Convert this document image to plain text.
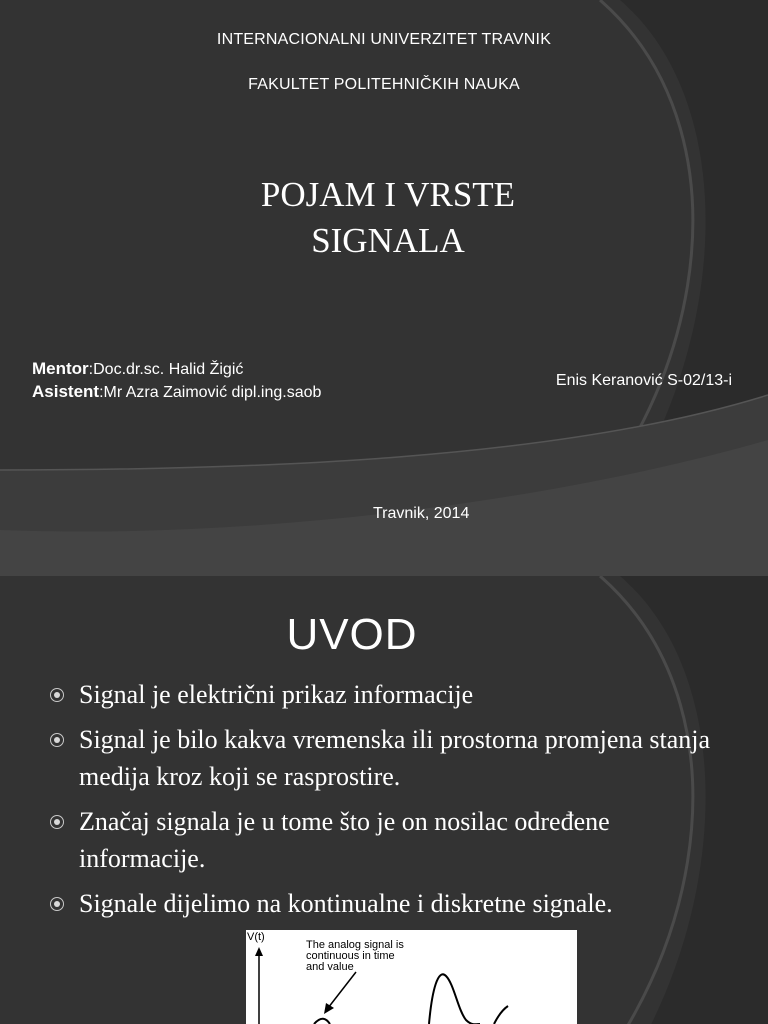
INTERNACIONALNI UNIVERZITET TRAVNIK
FAKULTET POLITEHNIČKIH NAUKA
POJAM I VRSTE
SIGNALA
Mentor:Doc.dr.sc. Halid Žigić
Asistent:Mr Azra Zaimović dipl.ing.saob
Enis Keranović S-02/13-i
Travnik, 2014
UVOD
Signal je električni prikaz informacije
Signal je bilo kakva vremenska ili prostorna promjena stanja medija kroz koji se rasprostire.
Značaj signala je u tome što je on nosilac određene informacije.
Signale dijelimo na kontinualne i diskretne signale.
V(t)
The analog signal is continuous in time and value
